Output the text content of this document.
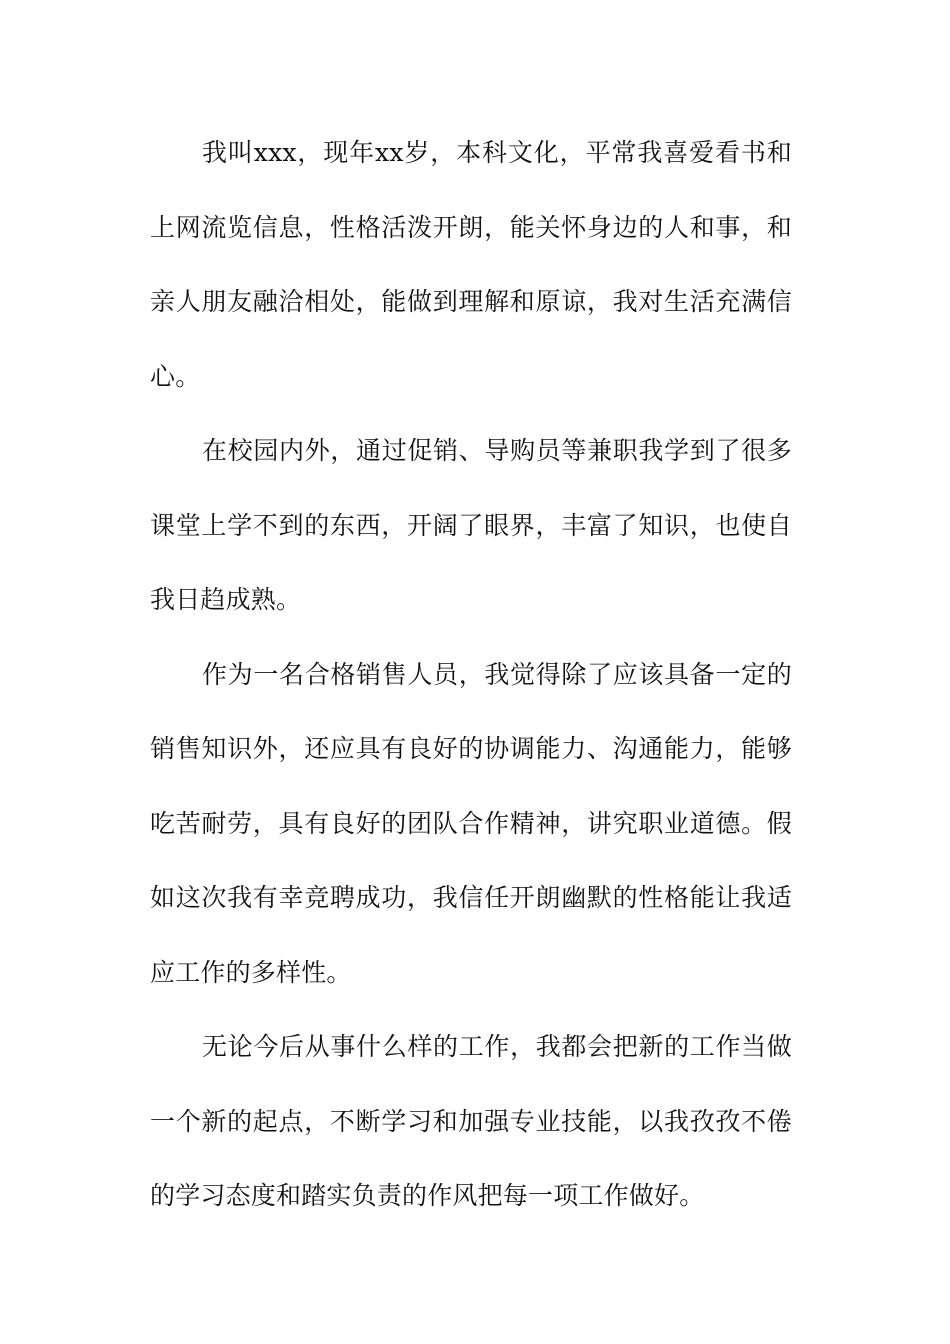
我叫xxx，现年xx岁，本科文化，平常我喜爱看书和上网流览信息，性格活泼开朗，能关怀身边的人和事，和亲人朋友融洽相处，能做到理解和原谅，我对生活充满信心。

在校园内外，通过促销、导购员等兼职我学到了很多课堂上学不到的东西，开阔了眼界，丰富了知识，也使自我日趋成熟。

作为一名合格销售人员，我觉得除了应该具备一定的销售知识外，还应具有良好的协调能力、沟通能力，能够吃苦耐劳，具有良好的团队合作精神，讲究职业道德。假如这次我有幸竞聘成功，我信任开朗幽默的性格能让我适应工作的多样性。

无论今后从事什么样的工作，我都会把新的工作当做一个新的起点，不断学习和加强专业技能，以我孜孜不倦的学习态度和踏实负责的作风把每一项工作做好。
